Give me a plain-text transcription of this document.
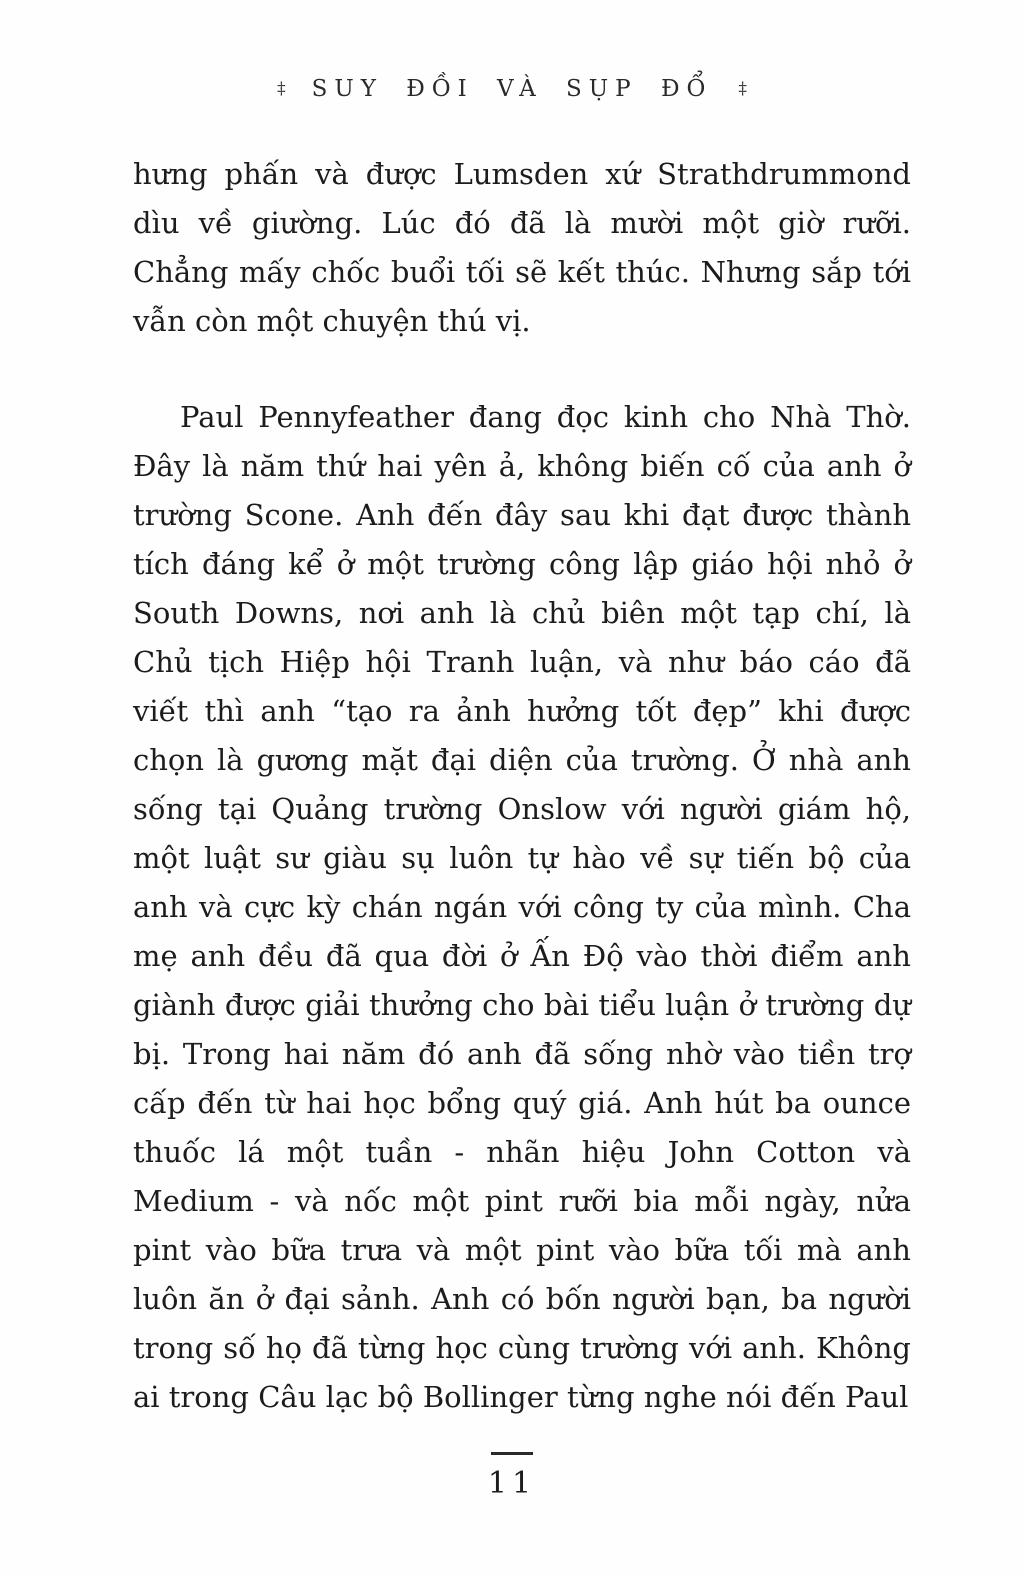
‡ SUY ĐỒI VÀ SỤP ĐỔ ‡

hưng phấn và được Lumsden xứ Strathdrummond dìu về giường. Lúc đó đã là mười một giờ rưỡi. Chẳng mấy chốc buổi tối sẽ kết thúc. Nhưng sắp tới vẫn còn một chuyện thú vị.

Paul Pennyfeather đang đọc kinh cho Nhà Thờ. Đây là năm thứ hai yên ả, không biến cố của anh ở trường Scone. Anh đến đây sau khi đạt được thành tích đáng kể ở một trường công lập giáo hội nhỏ ở South Downs, nơi anh là chủ biên một tạp chí, là Chủ tịch Hiệp hội Tranh luận, và như báo cáo đã viết thì anh “tạo ra ảnh hưởng tốt đẹp” khi được chọn là gương mặt đại diện của trường. Ở nhà anh sống tại Quảng trường Onslow với người giám hộ, một luật sư giàu sụ luôn tự hào về sự tiến bộ của anh và cực kỳ chán ngán với công ty của mình. Cha mẹ anh đều đã qua đời ở Ấn Độ vào thời điểm anh giành được giải thưởng cho bài tiểu luận ở trường dự bị. Trong hai năm đó anh đã sống nhờ vào tiền trợ cấp đến từ hai học bổng quý giá. Anh hút ba ounce thuốc lá một tuần - nhãn hiệu John Cotton và Medium - và nốc một pint rưỡi bia mỗi ngày, nửa pint vào bữa trưa và một pint vào bữa tối mà anh luôn ăn ở đại sảnh. Anh có bốn người bạn, ba người trong số họ đã từng học cùng trường với anh. Không ai trong Câu lạc bộ Bollinger từng nghe nói đến Paul

11
